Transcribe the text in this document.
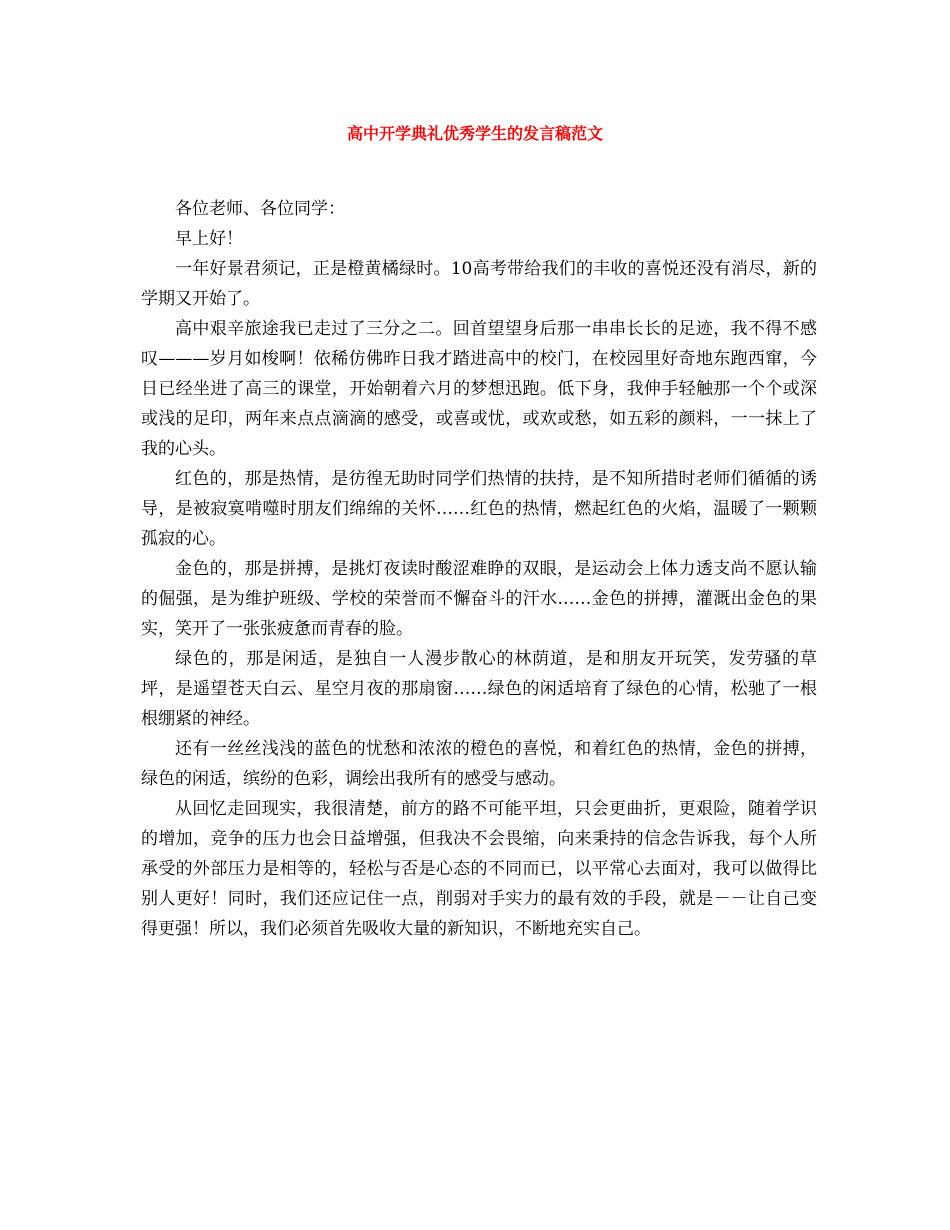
高中开学典礼优秀学生的发言稿范文

各位老师、各位同学：

早上好！

一年好景君须记，正是橙黄橘绿时。10高考带给我们的丰收的喜悦还没有消尽，新的学期又开始了。

高中艰辛旅途我已走过了三分之二。回首望望身后那一串串长长的足迹，我不得不感叹———岁月如梭啊！依稀仿佛昨日我才踏进高中的校门，在校园里好奇地东跑西窜，今日已经坐进了高三的课堂，开始朝着六月的梦想迅跑。低下身，我伸手轻触那一个个或深或浅的足印，两年来点点滴滴的感受，或喜或忧，或欢或愁，如五彩的颜料，一一抹上了我的心头。

红色的，那是热情，是彷徨无助时同学们热情的扶持，是不知所措时老师们循循的诱导，是被寂寞啃噬时朋友们绵绵的关怀……红色的热情，燃起红色的火焰，温暖了一颗颗孤寂的心。

金色的，那是拼搏，是挑灯夜读时酸涩难睁的双眼，是运动会上体力透支尚不愿认输的倔强，是为维护班级、学校的荣誉而不懈奋斗的汗水……金色的拼搏，灌溉出金色的果实，笑开了一张张疲惫而青春的脸。

绿色的，那是闲适，是独自一人漫步散心的林荫道，是和朋友开玩笑，发劳骚的草坪，是遥望苍天白云、星空月夜的那扇窗……绿色的闲适培育了绿色的心情，松驰了一根根绷紧的神经。

还有一丝丝浅浅的蓝色的忧愁和浓浓的橙色的喜悦，和着红色的热情，金色的拼搏，绿色的闲适，缤纷的色彩，调绘出我所有的感受与感动。

从回忆走回现实，我很清楚，前方的路不可能平坦，只会更曲折，更艰险，随着学识的增加，竞争的压力也会日益增强，但我决不会畏缩，向来秉持的信念告诉我，每个人所承受的外部压力是相等的，轻松与否是心态的不同而已，以平常心去面对，我可以做得比别人更好！同时，我们还应记住一点，削弱对手实力的最有效的手段，就是－－让自己变得更强！所以，我们必须首先吸收大量的新知识，不断地充实自己。
